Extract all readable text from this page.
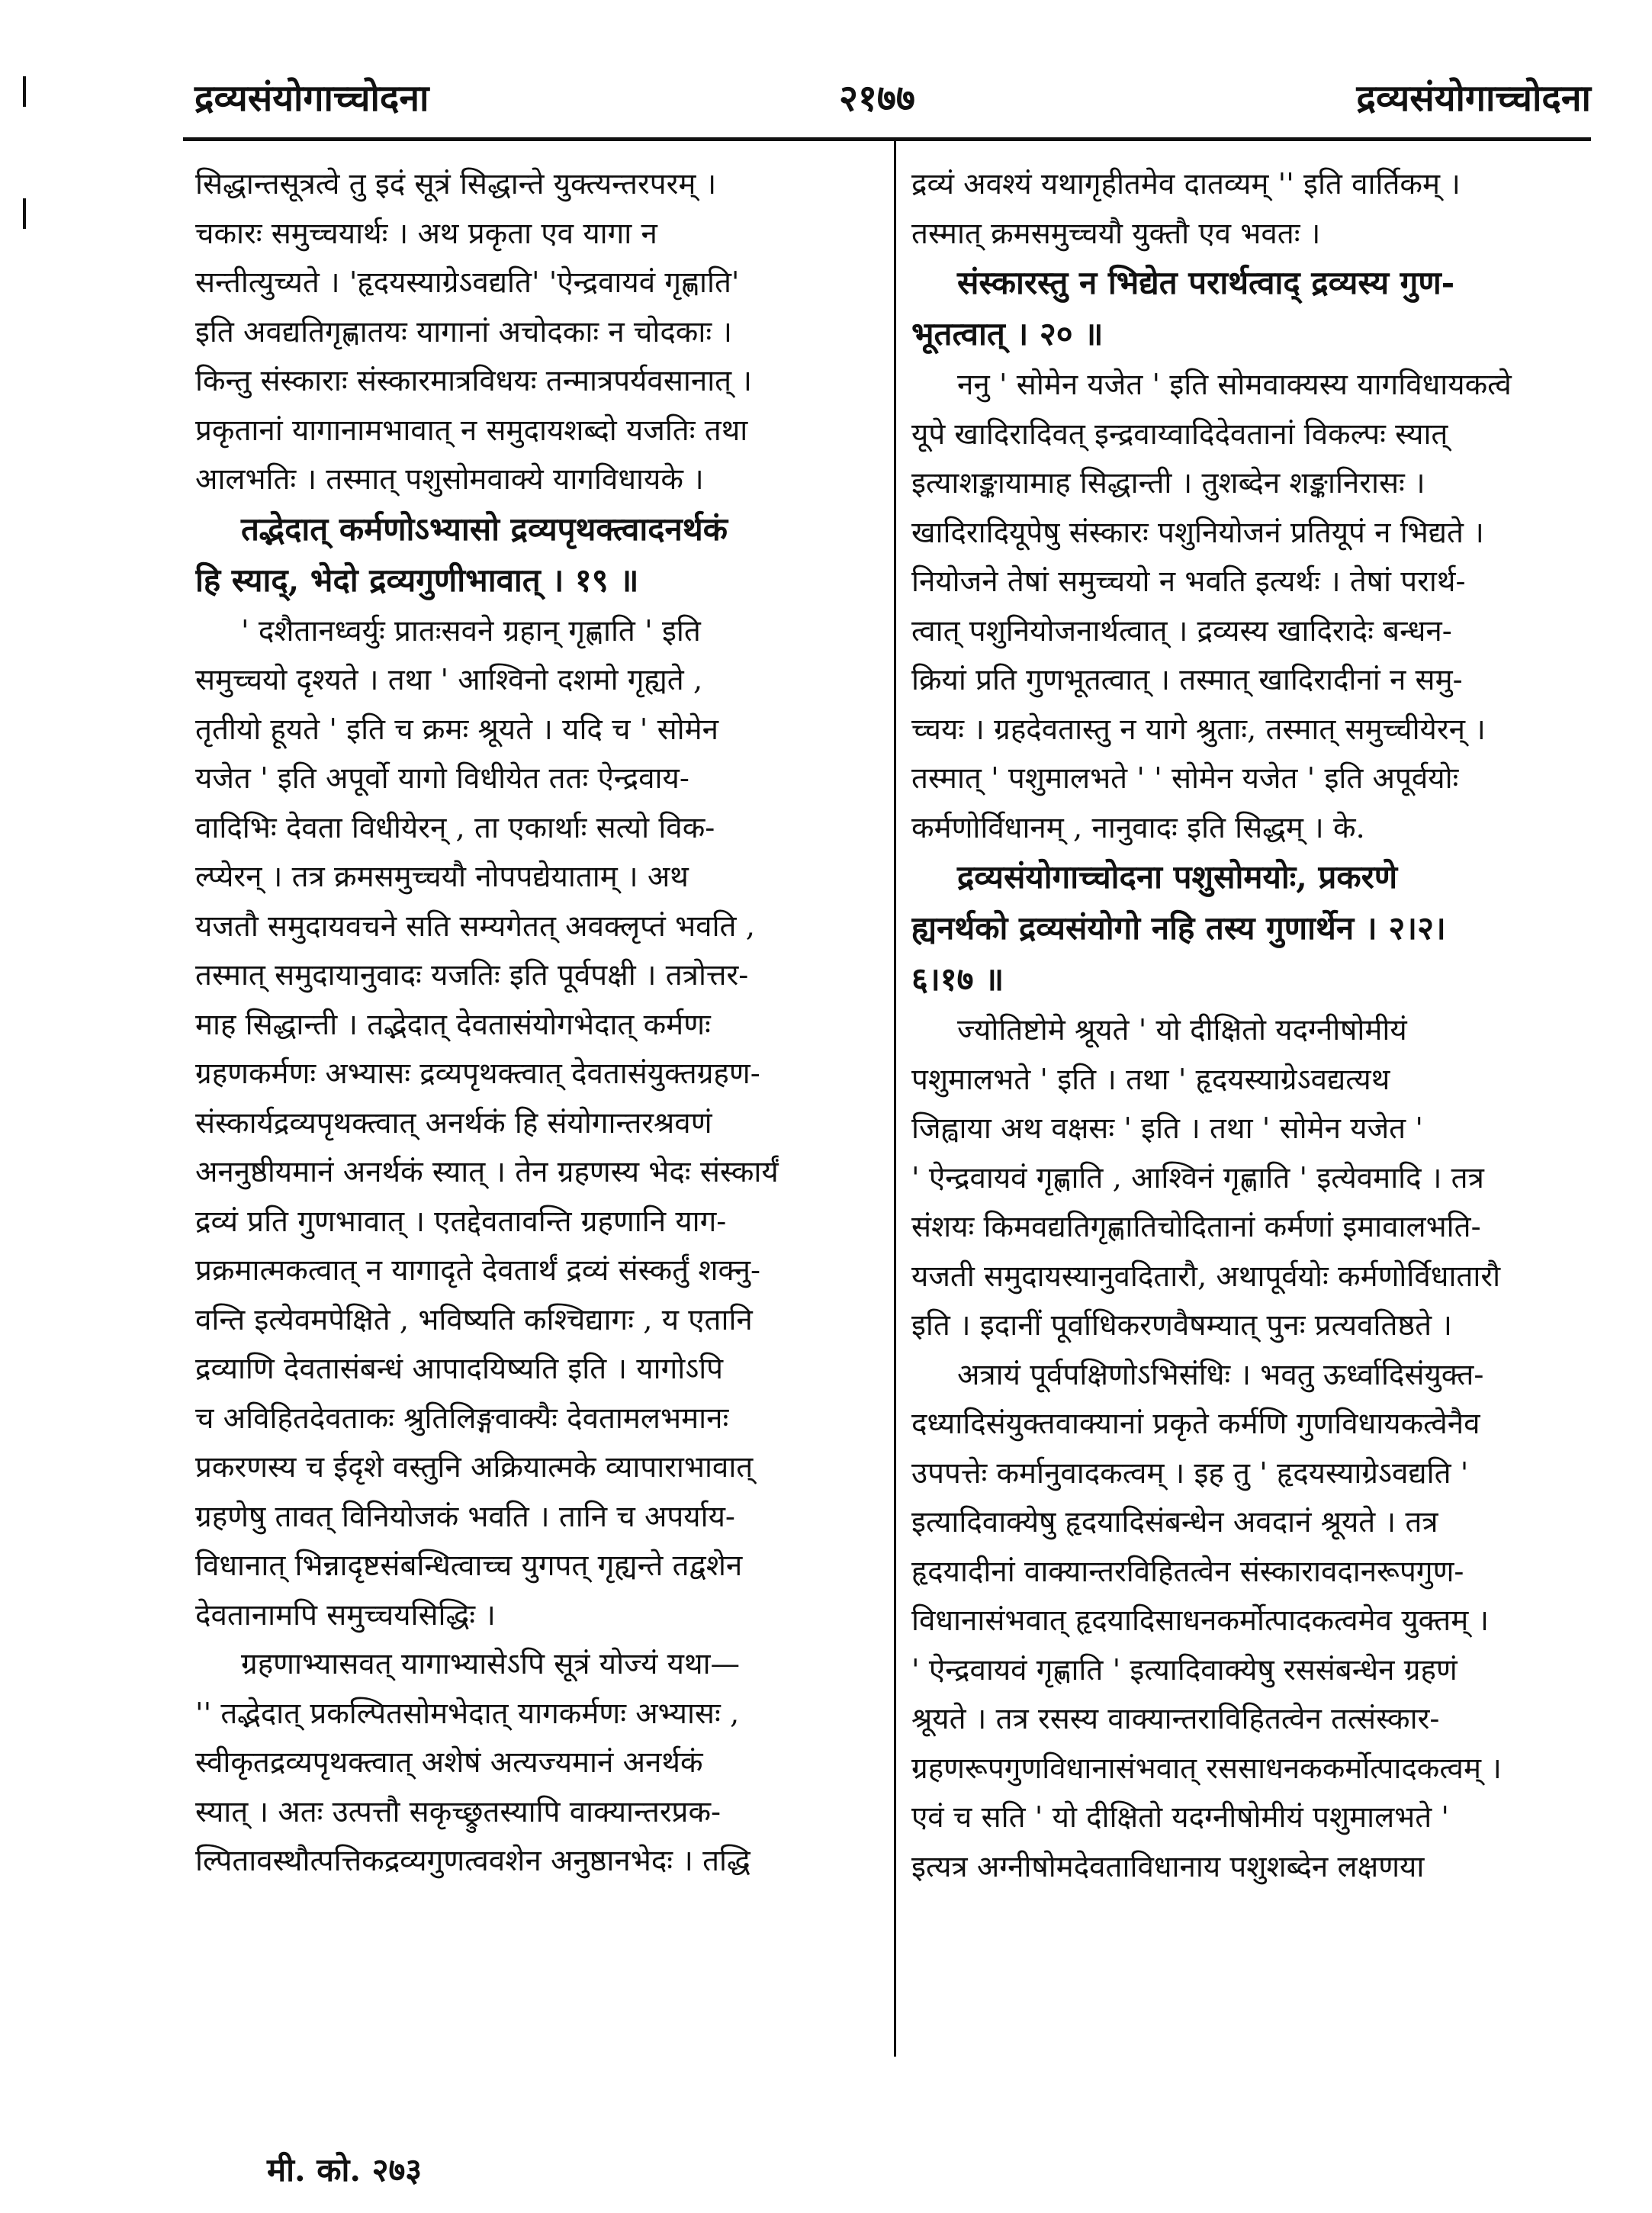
द्रव्यसंयोगाच्चोदना	२१७७	द्रव्यसंयोगाच्चोदना
सिद्धान्तसूत्रत्वे तु इदं सूत्रं सिद्धान्ते युक्त्यन्तरपरम् ।
चकारः समुच्चयार्थः । अथ प्रकृता एव यागा न
सन्तीत्युच्यते । 'हृदयस्याग्रेऽवद्यति' 'ऐन्द्रवायवं गृह्णाति'
इति अवद्यतिगृह्णातयः यागानां अचोदकाः न चोदकाः ।
किन्तु संस्काराः संस्कारमात्रविधयः तन्मात्रपर्यवसानात् ।
प्रकृतानां यागानामभावात् न समुदायशब्दो यजतिः तथा
आलभतिः । तस्मात् पशुसोमवाक्ये यागविधायके ।
तद्भेदात् कर्मणोऽभ्यासो द्रव्यपृथक्त्वादनर्थकं
हि स्याद्, भेदो द्रव्यगुणीभावात् । १९ ॥
' दशैतानध्वर्युः प्रातःसवने ग्रहान् गृह्णाति ' इति
समुच्चयो दृश्यते । तथा ' आश्विनो दशमो गृह्यते ,
तृतीयो हूयते ' इति च क्रमः श्रूयते । यदि च ' सोमेन
यजेत ' इति अपूर्वो यागो विधीयेत ततः ऐन्द्रवाय-
वादिभिः देवता विधीयेरन् , ता एकार्थाः सत्यो विक-
ल्प्येरन् । तत्र क्रमसमुच्चयौ नोपपद्येयाताम् । अथ
यजतौ समुदायवचने सति सम्यगेतत् अवक्लृप्तं भवति ,
तस्मात् समुदायानुवादः यजतिः इति पूर्वपक्षी । तत्रोत्तर-
माह सिद्धान्ती । तद्भेदात् देवतासंयोगभेदात् कर्मणः
ग्रहणकर्मणः अभ्यासः द्रव्यपृथक्त्वात् देवतासंयुक्तग्रहण-
संस्कार्यद्रव्यपृथक्त्वात् अनर्थकं हि संयोगान्तरश्रवणं
अननुष्ठीयमानं अनर्थकं स्यात् । तेन ग्रहणस्य भेदः संस्कार्यं
द्रव्यं प्रति गुणभावात् । एतद्देवतावन्ति ग्रहणानि याग-
प्रक्रमात्मकत्वात् न यागादृते देवतार्थं द्रव्यं संस्कर्तुं शक्नु-
वन्ति इत्येवमपेक्षिते , भविष्यति कश्चिद्यागः , य एतानि
द्रव्याणि देवतासंबन्धं आपादयिष्यति इति । यागोऽपि
च अविहितदेवताकः श्रुतिलिङ्गवाक्यैः देवतामलभमानः
प्रकरणस्य च ईदृशे वस्तुनि अक्रियात्मके व्यापाराभावात्
ग्रहणेषु तावत् विनियोजकं भवति । तानि च अपर्याय-
विधानात् भिन्नादृष्टसंबन्धित्वाच्च युगपत् गृह्यन्ते तद्वशेन
देवतानामपि समुच्चयसिद्धिः ।
ग्रहणाभ्यासवत् यागाभ्यासेऽपि सूत्रं योज्यं यथा—
'' तद्भेदात् प्रकल्पितसोमभेदात् यागकर्मणः अभ्यासः ,
स्वीकृतद्रव्यपृथक्त्वात् अशेषं अत्यज्यमानं अनर्थकं
स्यात् । अतः उत्पत्तौ सकृच्छ्रुतस्यापि वाक्यान्तरप्रक-
ल्पितावस्थौत्पत्तिकद्रव्यगुणत्ववशेन अनुष्ठानभेदः । तद्धि
द्रव्यं अवश्यं यथागृहीतमेव दातव्यम् '' इति वार्तिकम् ।
तस्मात् क्रमसमुच्चयौ युक्तौ एव भवतः ।
संस्कारस्तु न भिद्येत परार्थत्वाद् द्रव्यस्य गुण-
भूतत्वात् । २० ॥
ननु ' सोमेन यजेत ' इति सोमवाक्यस्य यागविधायकत्वे
यूपे खादिरादिवत् इन्द्रवाय्वादिदेवतानां विकल्पः स्यात्
इत्याशङ्कायामाह सिद्धान्ती । तुशब्देन शङ्कानिरासः ।
खादिरादियूपेषु संस्कारः पशुनियोजनं प्रतियूपं न भिद्यते ।
नियोजने तेषां समुच्चयो न भवति इत्यर्थः । तेषां परार्थ-
त्वात् पशुनियोजनार्थत्वात् । द्रव्यस्य खादिरादेः बन्धन-
क्रियां प्रति गुणभूतत्वात् । तस्मात् खादिरादीनां न समु-
च्चयः । ग्रहदेवतास्तु न यागे श्रुताः, तस्मात् समुच्चीयेरन् ।
तस्मात् ' पशुमालभते ' ' सोमेन यजेत ' इति अपूर्वयोः
कर्मणोर्विधानम् , नानुवादः इति सिद्धम् । के.
द्रव्यसंयोगाच्चोदना पशुसोमयोः, प्रकरणे
ह्यनर्थको द्रव्यसंयोगो नहि तस्य गुणार्थेन । २।२।
६।१७ ॥
ज्योतिष्टोमे श्रूयते ' यो दीक्षितो यदग्नीषोमीयं
पशुमालभते ' इति । तथा ' हृदयस्याग्रेऽवद्यत्यथ
जिह्वाया अथ वक्षसः ' इति । तथा ' सोमेन यजेत '
' ऐन्द्रवायवं गृह्णाति , आश्विनं गृह्णाति ' इत्येवमादि । तत्र
संशयः किमवद्यतिगृह्णातिचोदितानां कर्मणां इमावालभति-
यजती समुदायस्यानुवदितारौ, अथापूर्वयोः कर्मणोर्विधातारौ
इति । इदानीं पूर्वाधिकरणवैषम्यात् पुनः प्रत्यवतिष्ठते ।
अत्रायं पूर्वपक्षिणोऽभिसंधिः । भवतु ऊर्ध्वादिसंयुक्त-
दध्यादिसंयुक्तवाक्यानां प्रकृते कर्मणि गुणविधायकत्वेनैव
उपपत्तेः कर्मानुवादकत्वम् । इह तु ' हृदयस्याग्रेऽवद्यति '
इत्यादिवाक्येषु हृदयादिसंबन्धेन अवदानं श्रूयते । तत्र
हृदयादीनां वाक्यान्तरविहितत्वेन संस्कारावदानरूपगुण-
विधानासंभवात् हृदयादिसाधनकर्मोत्पादकत्वमेव युक्तम् ।
' ऐन्द्रवायवं गृह्णाति ' इत्यादिवाक्येषु रससंबन्धेन ग्रहणं
श्रूयते । तत्र रसस्य वाक्यान्तराविहितत्वेन तत्संस्कार-
ग्रहणरूपगुणविधानासंभवात् रससाधनककर्मोत्पादकत्वम् ।
एवं च सति ' यो दीक्षितो यदग्नीषोमीयं पशुमालभते '
इत्यत्र अग्नीषोमदेवताविधानाय पशुशब्देन लक्षणया
मी. को. २७३
